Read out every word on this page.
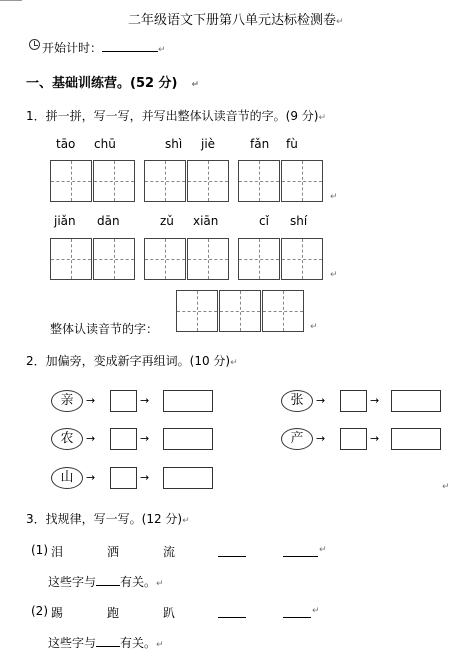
二年级语文下册第八单元达标检测卷↵
开始计时：	↵
一、基础训练营。(52 分) ↵
1．拼一拼，写一写，并写出整体认读音节的字。(9 分)↵
tāo chū	shì jiè	fǎn fù
↵
jiǎn dān	zǔ xiān	cǐ shí
↵
整体认读音节的字：	↵
2．加偏旁，变成新字再组词。(10 分)↵
亲	→	→	张	→	→
农	→	→	产	→	→
山	→	→
↵
3．找规律，写一写。(12 分)↵
(1) 泪	洒	流	↵
这些字与 有关。↵
(2) 踢	跑	趴	↵
这些字与 有关。↵
